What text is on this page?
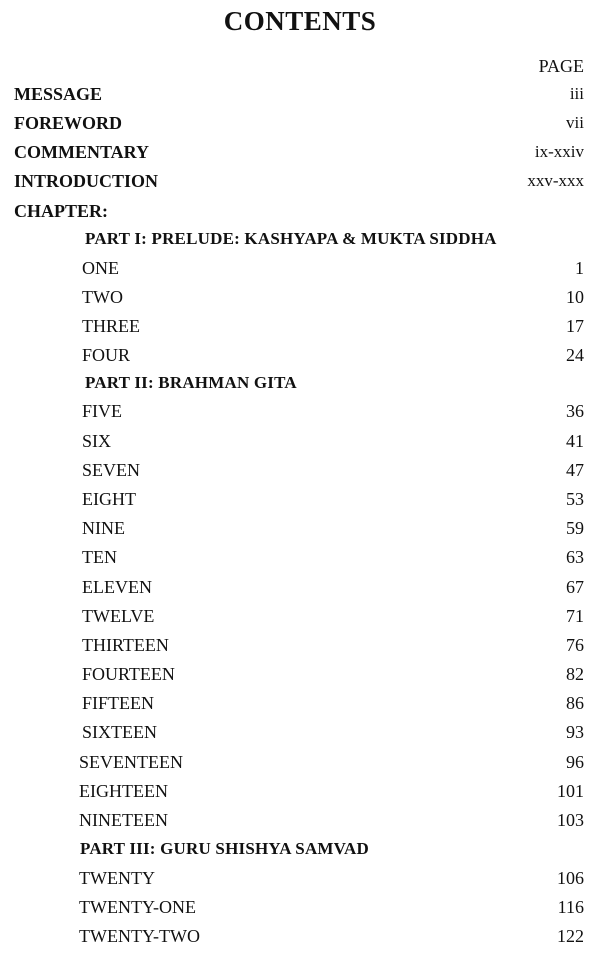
CONTENTS
PAGE
MESSAGE	iii
FOREWORD	vii
COMMENTARY	ix-xxiv
INTRODUCTION	xxv-xxx
CHAPTER:
PART I: PRELUDE: KASHYAPA & MUKTA SIDDHA
ONE	1
TWO	10
THREE	17
FOUR	24
PART II: BRAHMAN GITA
FIVE	36
SIX	41
SEVEN	47
EIGHT	53
NINE	59
TEN	63
ELEVEN	67
TWELVE	71
THIRTEEN	76
FOURTEEN	82
FIFTEEN	86
SIXTEEN	93
SEVENTEEN	96
EIGHTEEN	101
NINETEEN	103
PART III: GURU SHISHYA SAMVAD
TWENTY	106
TWENTY-ONE	116
TWENTY-TWO	122
